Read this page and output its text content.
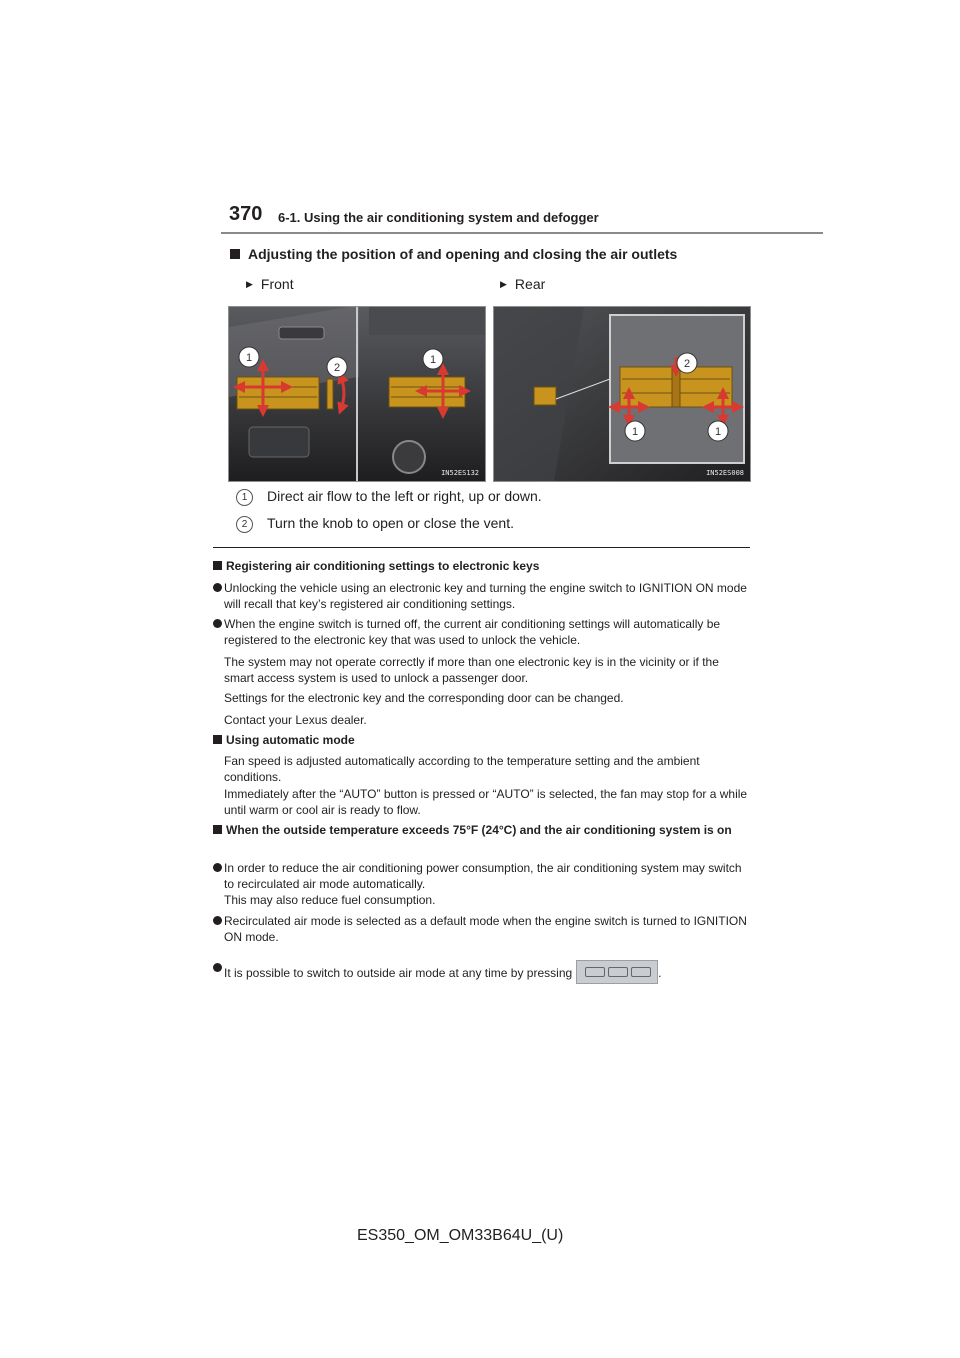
370 6-1. Using the air conditioning system and defogger
Adjusting the position of and opening and closing the air outlets
▶ Front	▶ Rear
1
2
1
IN52ES132
2
1	1
IN52ES008
1 Direct air flow to the left or right, up or down.
2 Turn the knob to open or close the vent.
Registering air conditioning settings to electronic keys
Unlocking the vehicle using an electronic key and turning the engine switch to IGNITION ON mode will recall that key’s registered air conditioning settings.
When the engine switch is turned off, the current air conditioning settings will automatically be registered to the electronic key that was used to unlock the vehicle.
The system may not operate correctly if more than one electronic key is in the vicinity or if the smart access system is used to unlock a passenger door.
Settings for the electronic key and the corresponding door can be changed.
Contact your Lexus dealer.
Using automatic mode
Fan speed is adjusted automatically according to the temperature setting and the ambient conditions.
Immediately after the “AUTO” button is pressed or “AUTO” is selected, the fan may stop for a while until warm or cool air is ready to flow.
When the outside temperature exceeds 75°F (24°C) and the air conditioning system is on
In order to reduce the air conditioning power consumption, the air conditioning system may switch to recirculated air mode automatically.
This may also reduce fuel consumption.
Recirculated air mode is selected as a default mode when the engine switch is turned to IGNITION ON mode.
It is possible to switch to outside air mode at any time by pressing	.
ES350_OM_OM33B64U_(U)
